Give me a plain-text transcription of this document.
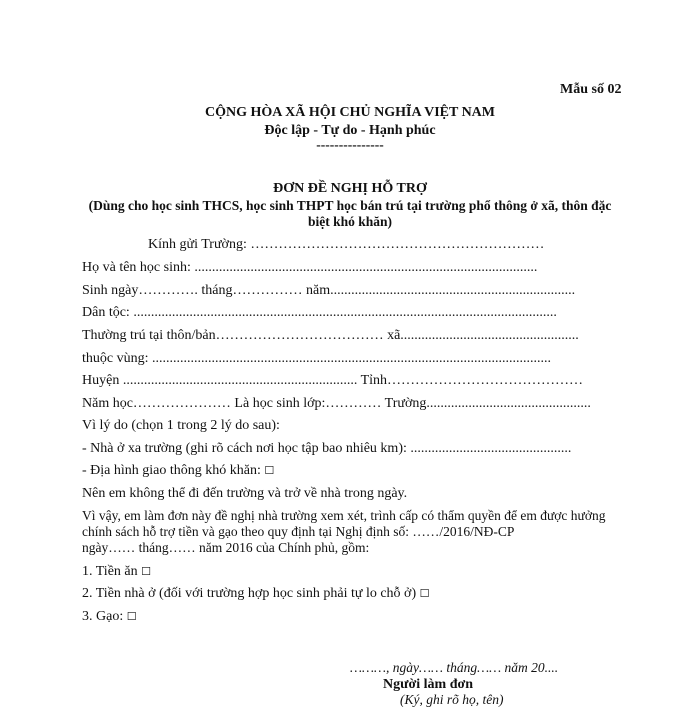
Mẫu số 02
CỘNG HÒA XÃ HỘI CHỦ NGHĨA VIỆT NAM
Độc lập - Tự do - Hạnh phúc
---------------
ĐƠN ĐỀ NGHỊ HỖ TRỢ
(Dùng cho học sinh THCS, học sinh THPT học bán trú tại trường phổ thông ở xã, thôn đặc
biệt khó khăn)
Kính gửi Trường: ………………………………………………………
Họ và tên học sinh: ..................................................................................................
Sinh ngày…………. tháng…………… năm......................................................................
Dân tộc: .........................................................................................................................
Thường trú tại thôn/bản……………………………… xã...................................................
thuộc vùng: ..................................................................................................................
Huyện ................................................................... Tỉnh……………………………………
Năm học………………… Là học sinh lớp:………… Trường...............................................
Vì lý do (chọn 1 trong 2 lý do sau):
- Nhà ở xa trường (ghi rõ cách nơi học tập bao nhiêu km): ..............................................
- Địa hình giao thông khó khăn: ☐
Nên em không thể đi đến trường và trở về nhà trong ngày.
Vì vậy, em làm đơn này đề nghị nhà trường xem xét, trình cấp có thẩm quyền để em được hưởng
chính sách hỗ trợ tiền và gạo theo quy định tại Nghị định số: ……/2016/NĐ-CP
ngày…… tháng…… năm 2016 của Chính phủ, gồm:
1. Tiền ăn ☐
2. Tiền nhà ở (đối với trường hợp học sinh phải tự lo chỗ ở) ☐
3. Gạo: ☐
………, ngày…… tháng…… năm 20....
Người làm đơn
(Ký, ghi rõ họ, tên)
